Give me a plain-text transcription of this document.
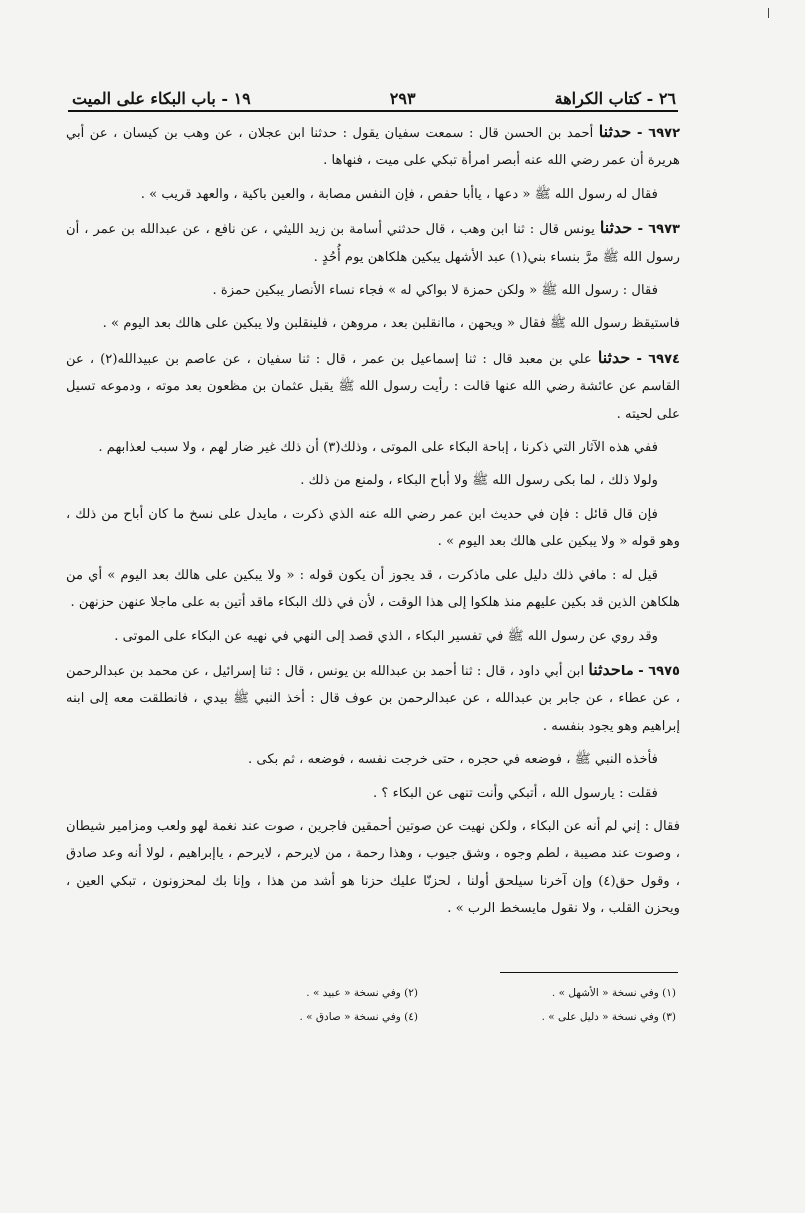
٢٦ - كتاب الكراهة
٢٩٣
١٩ - باب البكاء على الميت

٦٩٧٢ - حدثنا أحمد بن الحسن قال : سمعت سفيان يقول : حدثنا ابن عجلان ، عن وهب بن كيسان ، عن أبي هريرة أن عمر رضي الله عنه أبصر امرأة تبكي على ميت ، فنهاها .

فقال له رسول الله ﷺ « دعها ، ياأبا حفص ، فإن النفس مصابة ، والعين باكية ، والعهد قريب » .

٦٩٧٣ - حدثنا يونس قال : ثنا ابن وهب ، قال حدثني أسامة بن زيد الليثي ، عن نافع ، عن عبدالله بن عمر ، أن رسول الله ﷺ مرَّ بنساء بني(١) عبد الأشهل يبكين هلكاهن يوم أُحُدٍ .

فقال : رسول الله ﷺ « ولكن حمزة لا بواكي له » فجاء نساء الأنصار يبكين حمزة .

فاستيقظ رسول الله ﷺ فقال « ويحهن ، ماانقلبن بعد ، مروهن ، فلينقلبن ولا يبكين على هالك بعد اليوم » .

٦٩٧٤ - حدثنا علي بن معبد قال : ثنا إسماعيل بن عمر ، قال : ثنا سفيان ، عن عاصم بن عبيدالله(٢) ، عن القاسم عن عائشة رضي الله عنها قالت : رأيت رسول الله ﷺ يقبل عثمان بن مظعون بعد موته ، ودموعه تسيل على لحيته .

ففي هذه الآثار التي ذكرنا ، إباحة البكاء على الموتى ، وذلك(٣) أن ذلك غير ضار لهم ، ولا سبب لعذابهم .

ولولا ذلك ، لما بكى رسول الله ﷺ ولا أباح البكاء ، ولمنع من ذلك .

فإن قال قائل : فإن في حديث ابن عمر رضي الله عنه الذي ذكرت ، مايدل على نسخ ما كان أباح من ذلك ، وهو قوله « ولا يبكين على هالك بعد اليوم » .

قيل له : مافي ذلك دليل على ماذكرت ، قد يجوز أن يكون قوله : « ولا يبكين على هالك بعد اليوم » أي من هلكاهن الذين قد بكين عليهم منذ هلكوا إلى هذا الوقت ، لأن في ذلك البكاء ماقد أتين به على ماجلا عنهن حزنهن .

وقد روي عن رسول الله ﷺ في تفسير البكاء ، الذي قصد إلى النهي في نهيه عن البكاء على الموتى .

٦٩٧٥ - ماحدثنا ابن أبي داود ، قال : ثنا أحمد بن عبدالله بن يونس ، قال : ثنا إسرائيل ، عن محمد بن عبدالرحمن ، عن عطاء ، عن جابر بن عبدالله ، عن عبدالرحمن بن عوف قال : أخذ النبي ﷺ بيدي ، فانطلقت معه إلى ابنه إبراهيم وهو يجود بنفسه .

فأخذه النبي ﷺ ، فوضعه في حجره ، حتى خرجت نفسه ، فوضعه ، ثم بكى .

فقلت : يارسول الله ، أتبكي وأنت تنهى عن البكاء ؟ .

فقال : إني لم أنه عن البكاء ، ولكن نهيت عن صوتين أحمقين فاجرين ، صوت عند نغمة لهو ولعب ومزامير شيطان ، وصوت عند مصيبة ، لطم وجوه ، وشق جيوب ، وهذا رحمة ، من لايرحم ، لايرحم ، ياإبراهيم ، لولا أنه وعد صادق ، وقول حق(٤) وإن آخرنا سيلحق أولنا ، لحزنّا عليك حزنا هو أشد من هذا ، وإنا بك لمحزونون ، تبكي العين ، ويحزن القلب ، ولا نقول مايسخط الرب » .

(١) وفي نسخة « الأشهل » .
(٢) وفي نسخة « عبيد » .
(٣) وفي نسخة « دليل على » .
(٤) وفي نسخة « صادق » .
